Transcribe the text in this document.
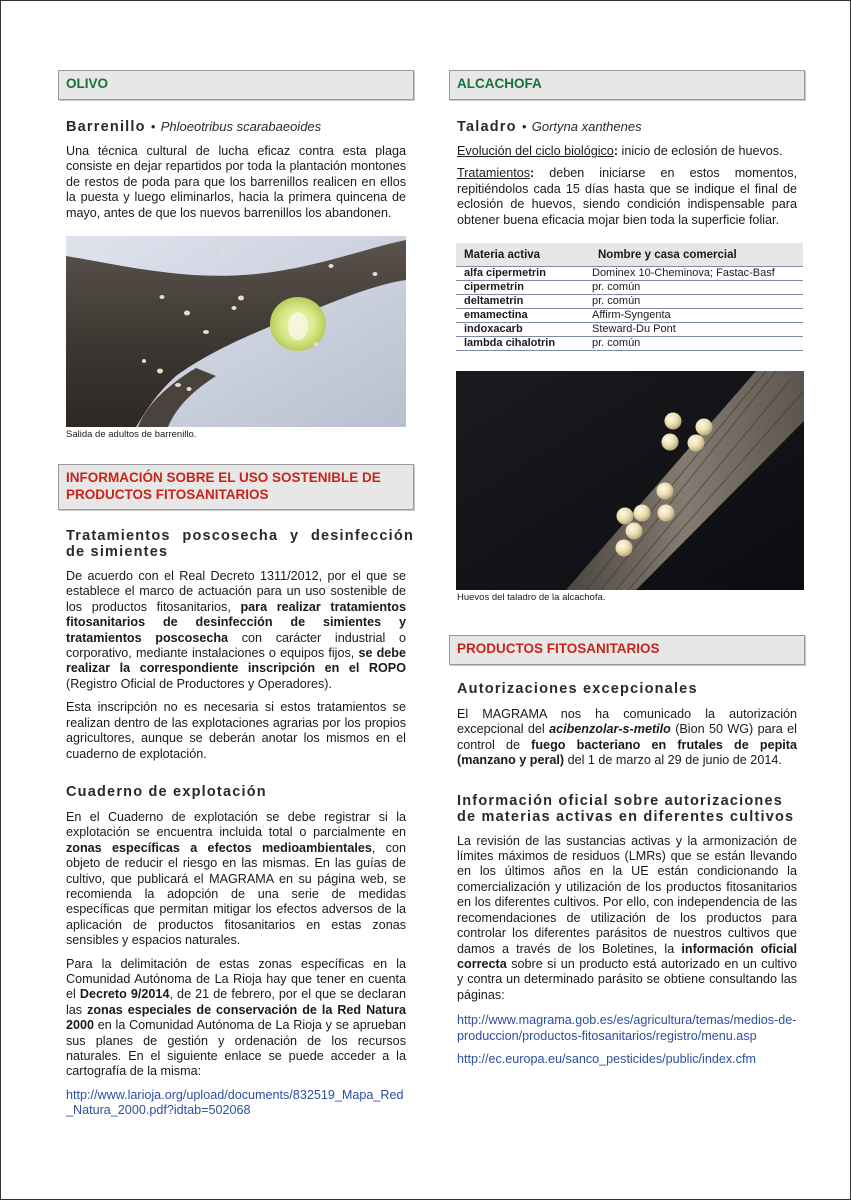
OLIVO
Barrenillo • Phloeotribus scarabaeoides

Una técnica cultural de lucha eficaz contra esta plaga consiste en dejar repartidos por toda la plantación montones de restos de poda para que los barrenillos realicen en ellos la puesta y luego eliminarlos, hacia la primera quincena de mayo, antes de que los nuevos barrenillos los abandonen.

Salida de adultos de barrenillo.
INFORMACIÓN SOBRE EL USO SOSTENIBLE DE PRODUCTOS FITOSANITARIOS
Tratamientos poscosecha y desinfección de simientes

De acuerdo con el Real Decreto 1311/2012, por el que se establece el marco de actuación para un uso sostenible de los productos fitosanitarios, para realizar tratamientos fitosanitarios de desinfección de simientes y tratamientos poscosecha con carácter industrial o corporativo, mediante instalaciones o equipos fijos, se debe realizar la correspondiente inscripción en el ROPO (Registro Oficial de Productores y Operadores).

Esta inscripción no es necesaria si estos tratamientos se realizan dentro de las explotaciones agrarias por los propios agricultores, aunque se deberán anotar los mismos en el cuaderno de explotación.

Cuaderno de explotación

En el Cuaderno de explotación se debe registrar si la explotación se encuentra incluida total o parcialmente en zonas específicas a efectos medioambientales, con objeto de reducir el riesgo en las mismas. En las guías de cultivo, que publicará el MAGRAMA en su página web, se recomienda la adopción de una serie de medidas específicas que permitan mitigar los efectos adversos de la aplicación de productos fitosanitarios en estas zonas sensibles y espacios naturales.

Para la delimitación de estas zonas específicas en la Comunidad Autónoma de La Rioja hay que tener en cuenta el Decreto 9/2014, de 21 de febrero, por el que se declaran las zonas especiales de conservación de la Red Natura 2000 en la Comunidad Autónoma de La Rioja y se aprueban sus planes de gestión y ordenación de los recursos naturales. En el siguiente enlace se puede acceder a la cartografía de la misma:

http://www.larioja.org/upload/documents/832519_Mapa_Red_Natura_2000.pdf?idtab=502068
ALCACHOFA
Taladro • Gortyna xanthenes

Evolución del ciclo biológico: inicio de eclosión de huevos.

Tratamientos: deben iniciarse en estos momentos, repitiéndolos cada 15 días hasta que se indique el final de eclosión de huevos, siendo condición indispensable para obtener buena eficacia mojar bien toda la superficie foliar.

Materia activa	Nombre y casa comercial
alfa cipermetrin	Dominex 10-Cheminova; Fastac-Basf
cipermetrin	pr. común
deltametrin	pr. común
emamectina	Affirm-Syngenta
indoxacarb	Steward-Du Pont
lambda cihalotrin	pr. común
Huevos del taladro de la alcachofa.
PRODUCTOS FITOSANITARIOS
Autorizaciones excepcionales

El MAGRAMA nos ha comunicado la autorización excepcional del acibenzolar-s-metilo (Bion 50 WG) para el control de fuego bacteriano en frutales de pepita (manzano y peral) del 1 de marzo al 29 de junio de 2014.

Información oficial sobre autorizaciones de materias activas en diferentes cultivos

La revisión de las sustancias activas y la armonización de límites máximos de residuos (LMRs) que se están llevando en los últimos años en la UE están condicionando la comercialización y utilización de los productos fitosanitarios en los diferentes cultivos. Por ello, con independencia de las recomendaciones de utilización de los productos para controlar los diferentes parásitos de nuestros cultivos que damos a través de los Boletines, la información oficial correcta sobre si un producto está autorizado en un cultivo y contra un determinado parásito se obtiene consultando las páginas:

http://www.magrama.gob.es/es/agricultura/temas/medios-de-produccion/productos-fitosanitarios/registro/menu.asp
http://ec.europa.eu/sanco_pesticides/public/index.cfm
